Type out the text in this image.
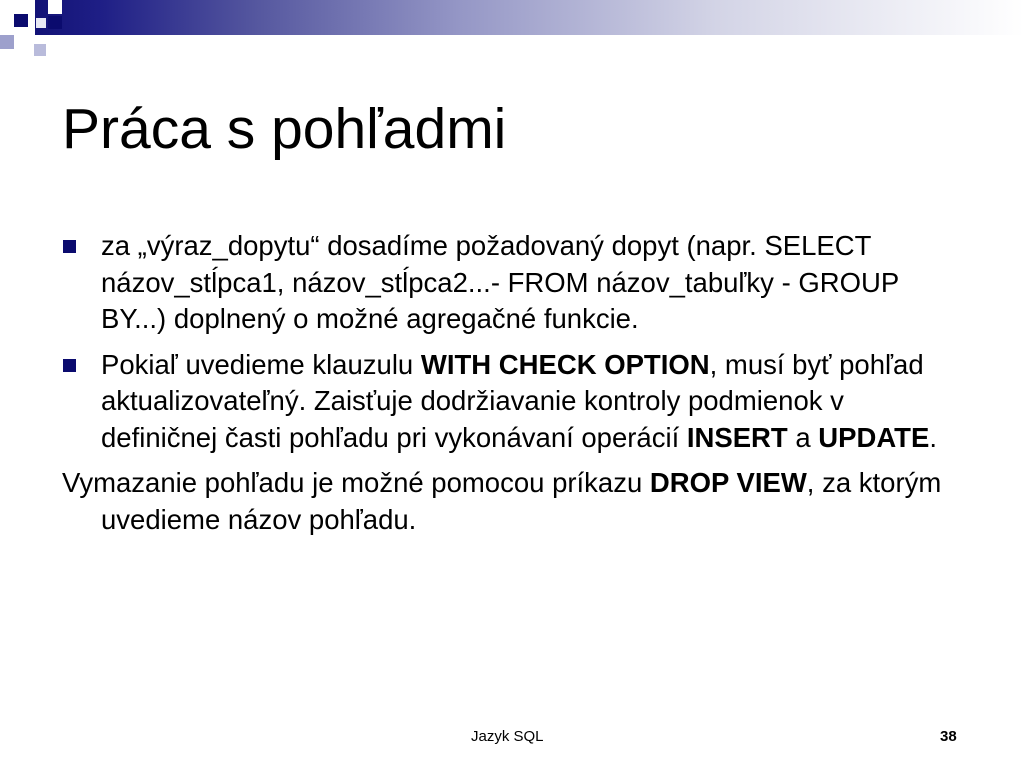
Práca s pohľadmi
za „výraz_dopytu“ dosadíme požadovaný dopyt (napr. SELECT názov_stĺpca1, názov_stĺpca2...- FROM názov_tabuľky - GROUP BY...) doplnený o možné agregačné funkcie.
Pokiaľ uvedieme klauzulu WITH CHECK OPTION, musí byť pohľad aktualizovateľný. Zaisťuje dodržiavanie kontroly podmienok v definičnej časti pohľadu pri vykonávaní operácií INSERT a UPDATE.
Vymazanie pohľadu je možné pomocou príkazu DROP VIEW, za ktorým uvedieme názov pohľadu.
Jazyk SQL	38
